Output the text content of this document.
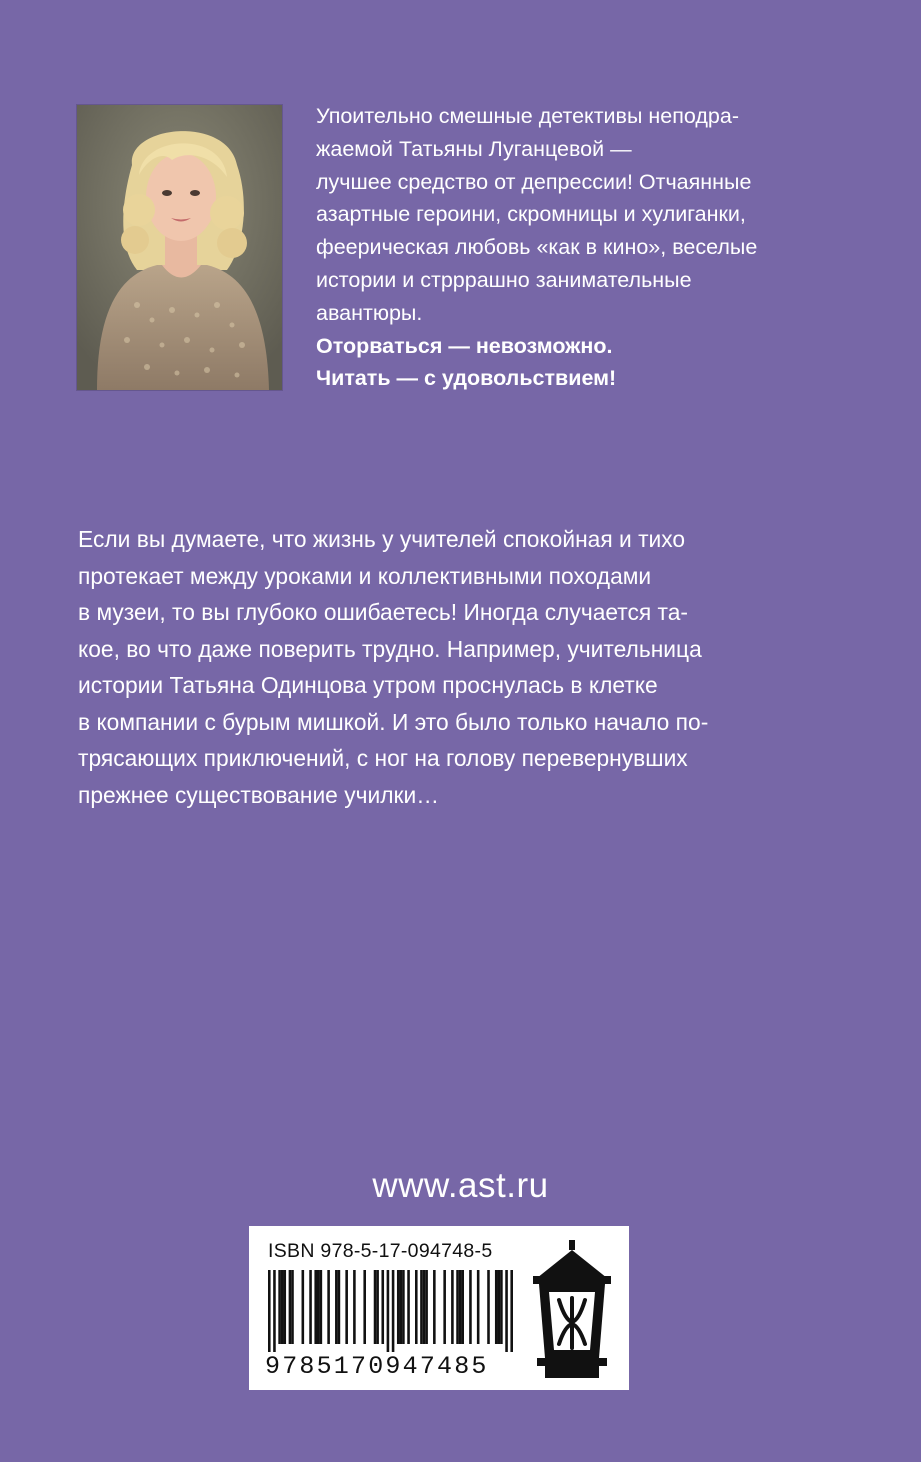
Упоительно смешные детективы неподра-

жаемой Татьяны Луганцевой —

лучшее средство от депрессии! Отчаянные

азартные героини, скромницы и хулиганки,

феерическая любовь «как в кино», веселые

истории и стрррашно занимательные

авантюры.

Оторваться — невозможно.

Читать — с удовольствием!

Если вы думаете, что жизнь у учителей спокойная и тихо
протекает между уроками и коллективными походами
в музеи, то вы глубоко ошибаетесь! Иногда случается та-
кое, во что даже поверить трудно. Например, учительница
истории Татьяна Одинцова утром проснулась в клетке
в компании с бурым мишкой. И это было только начало по-
трясающих приключений, с ног на голову перевернувших
прежнее существование училки…
www.ast.ru
ISBN 978-5-17-094748-5
9785170947485
